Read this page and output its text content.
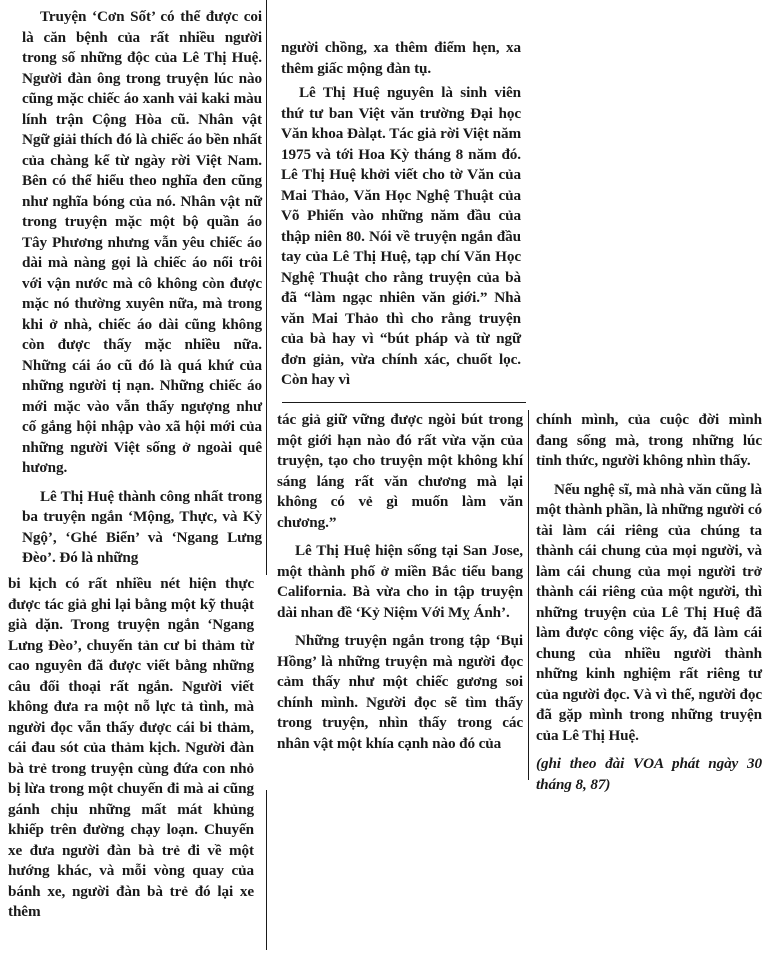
Truyện ‘Cơn Sốt’ có thể được coi là căn bệnh của rất nhiều người trong số những độc của Lê Thị Huệ. Người đàn ông trong truyện lúc nào cũng mặc chiếc áo xanh vải kaki màu lính trận Cộng Hòa cũ. Nhân vật Ngữ giải thích đó là chiếc áo bền nhất của chàng kể từ ngày rời Việt Nam. Bên có thể hiểu theo nghĩa đen cũng như nghĩa bóng của nó. Nhân vật nữ trong truyện mặc một bộ quần áo Tây Phương nhưng vẫn yêu chiếc áo dài mà nàng gọi là chiếc áo nổi trôi với vận nước mà cô không còn được mặc nó thường xuyên nữa, mà trong khi ở nhà, chiếc áo dài cũng không còn được thấy mặc nhiều nữa. Những cái áo cũ đó là quá khứ của những người tị nạn. Những chiếc áo mới mặc vào vẫn thấy ngượng như cố gắng hội nhập vào xã hội mới của những người Việt sống ở ngoài quê hương.

Lê Thị Huệ thành công nhất trong ba truyện ngắn ‘Mộng, Thực, và Kỳ Ngộ’, ‘Ghé Biển’ và ‘Ngang Lưng Đèo’. Đó là những

bi kịch có rất nhiều nét hiện thực được tác giả ghi lại bằng một kỹ thuật già dặn. Trong truyện ngắn ‘Ngang Lưng Đèo’, chuyến tản cư bi thảm từ cao nguyên đã được viết bằng những câu đối thoại rất ngắn. Người viết không đưa ra một nỗ lực tả tình, mà người đọc vẫn thấy được cái bi thảm, cái đau sót của thảm kịch. Người đàn bà trẻ trong truyện cùng đứa con nhỏ bị lừa trong một chuyến đi mà ai cũng gánh chịu những mất mát khủng khiếp trên đường chạy loạn. Chuyến xe đưa người đàn bà trẻ đi về một hướng khác, và mỗi vòng quay của bánh xe, người đàn bà trẻ đó lại xe thêm

người chồng, xa thêm điểm hẹn, xa thêm giấc mộng đàn tụ.

Lê Thị Huệ nguyên là sinh viên thứ tư ban Việt văn trường Đại học Văn khoa Đàlạt. Tác giả rời Việt năm 1975 và tới Hoa Kỳ tháng 8 năm đó. Lê Thị Huệ khởi viết cho tờ Văn của Mai Thảo, Văn Học Nghệ Thuật của Võ Phiến vào những năm đầu của thập niên 80. Nói về truyện ngắn đầu tay của Lê Thị Huệ, tạp chí Văn Học Nghệ Thuật cho rằng truyện của bà đã “làm ngạc nhiên văn giới.” Nhà văn Mai Thảo thì cho rằng truyện của bà hay vì “bút pháp và từ ngữ đơn giản, vừa chính xác, chuốt lọc. Còn hay vì

tác giả giữ vững được ngòi bút trong một giới hạn nào đó rất vừa vặn của truyện, tạo cho truyện một không khí sáng láng rất văn chương mà lại không có vẻ gì muốn làm văn chương.”

Lê Thị Huệ hiện sống tại San Jose, một thành phố ở miền Bắc tiểu bang California. Bà vừa cho in tập truyện dài nhan đề ‘Kỷ Niệm Với Mỵ Ánh’.

Những truyện ngắn trong tập ‘Bụi Hồng’ là những truyện mà người đọc cảm thấy như một chiếc gương soi chính mình. Người đọc sẽ tìm thấy trong truyện, nhìn thấy trong các nhân vật một khía cạnh nào đó của

chính mình, của cuộc đời mình đang sống mà, trong những lúc tỉnh thức, người không nhìn thấy.

Nếu nghệ sĩ, mà nhà văn cũng là một thành phần, là những người có tài làm cái riêng của chúng ta thành cái chung của mọi người, và làm cái chung của mọi người trở thành cái riêng của một người, thì những truyện của Lê Thị Huệ đã làm được công việc ấy, đã làm cái chung của nhiều người thành những kinh nghiệm rất riêng tư của người đọc. Và vì thế, người đọc đã gặp mình trong những truyện của Lê Thị Huệ.

(ghi theo đài VOA phát ngày 30 tháng 8, 87)
